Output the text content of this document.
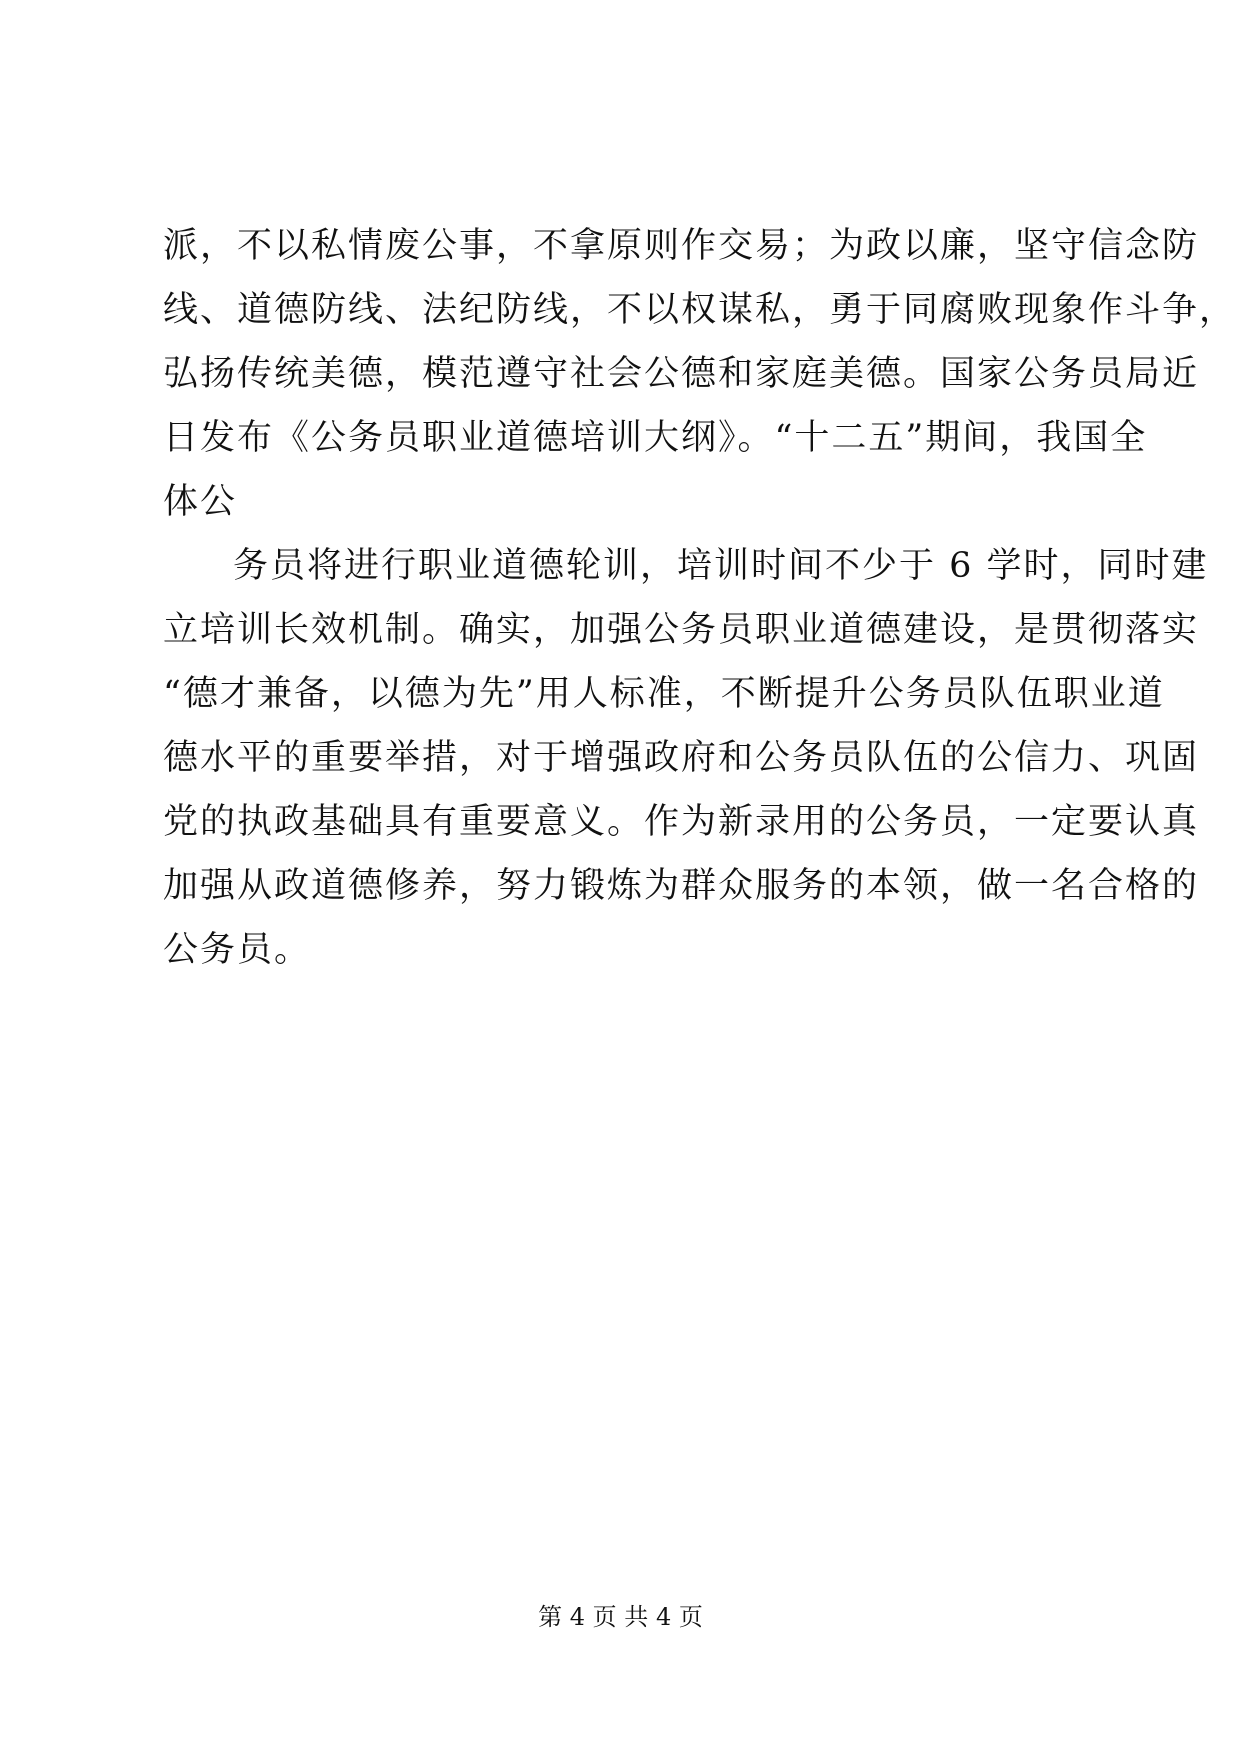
派，不以私情废公事，不拿原则作交易；为政以廉，坚守信念防
线、道德防线、法纪防线，不以权谋私，勇于同腐败现象作斗争，
弘扬传统美德，模范遵守社会公德和家庭美德。国家公务员局近
日发布《公务员职业道德培训大纲》。“十二五”期间，我国全
体公
务员将进行职业道德轮训，培训时间不少于 6 学时，同时建
立培训长效机制。确实，加强公务员职业道德建设，是贯彻落实
“德才兼备，以德为先”用人标准，不断提升公务员队伍职业道
德水平的重要举措，对于增强政府和公务员队伍的公信力、巩固
党的执政基础具有重要意义。作为新录用的公务员，一定要认真
加强从政道德修养，努力锻炼为群众服务的本领，做一名合格的
公务员。
第 4 页 共 4 页
